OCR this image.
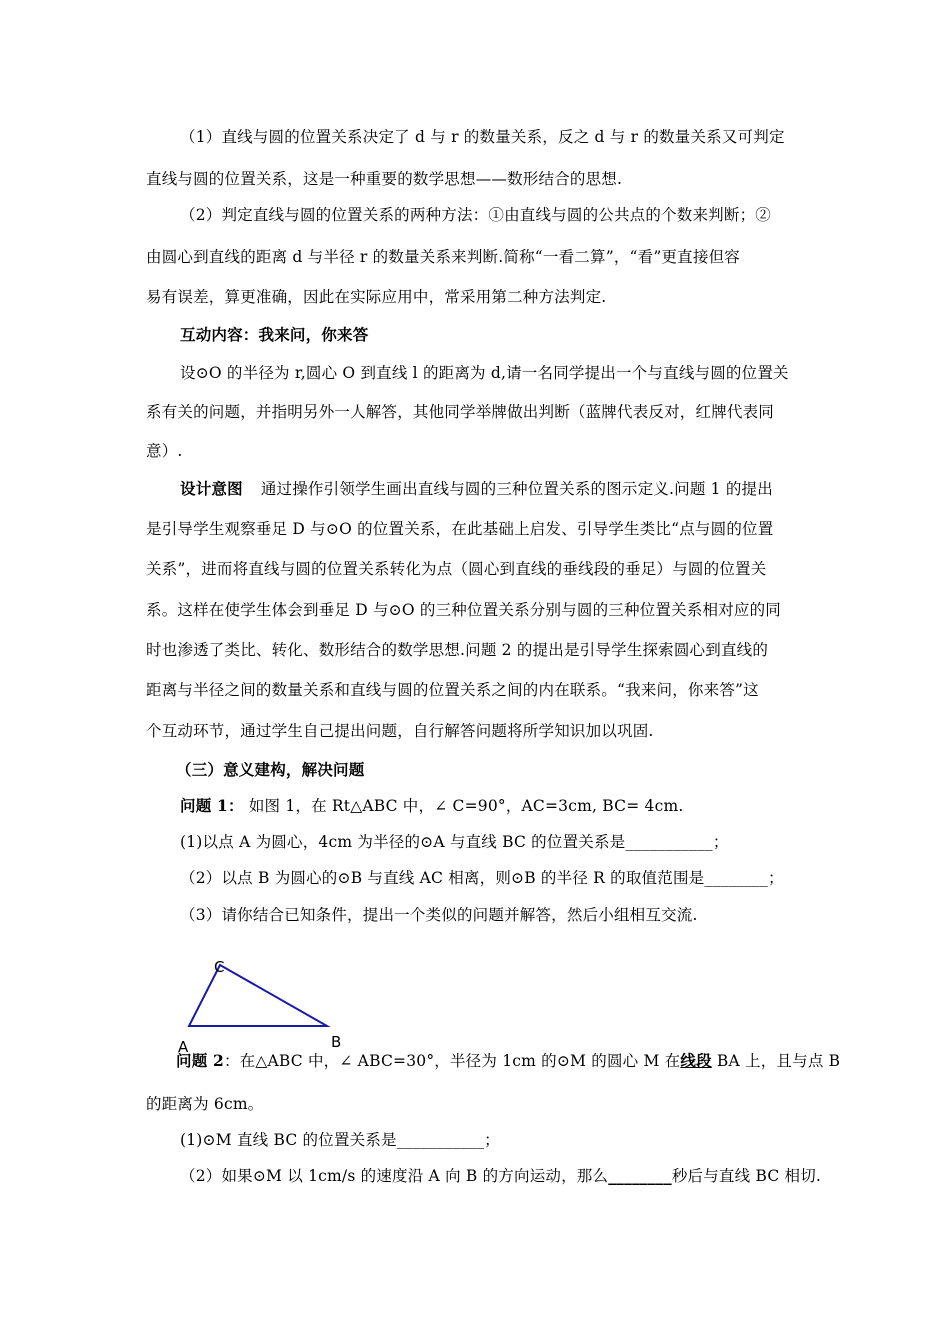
（1）直线与圆的位置关系决定了 d 与 r 的数量关系，反之 d 与 r 的数量关系又可判定
直线与圆的位置关系，这是一种重要的数学思想——数形结合的思想.
（2）判定直线与圆的位置关系的两种方法：①由直线与圆的公共点的个数来判断；②
由圆心到直线的距离 d 与半径 r 的数量关系来判断.简称“一看二算”，“看”更直接但容
易有误差，算更准确，因此在实际应用中，常采用第二种方法判定.
互动内容：我来问，你来答
设⊙O 的半径为 r,圆心 O 到直线 l 的距离为 d,请一名同学提出一个与直线与圆的位置关
系有关的问题，并指明另外一人解答，其他同学举牌做出判断（蓝牌代表反对，红牌代表同
意）.
设计意图 通过操作引领学生画出直线与圆的三种位置关系的图示定义.问题 1 的提出
是引导学生观察垂足 D 与⊙O 的位置关系，在此基础上启发、引导学生类比“点与圆的位置
关系”，进而将直线与圆的位置关系转化为点（圆心到直线的垂线段的垂足）与圆的位置关
系。这样在使学生体会到垂足 D 与⊙O 的三种位置关系分别与圆的三种位置关系相对应的同
时也渗透了类比、转化、数形结合的数学思想.问题 2 的提出是引导学生探索圆心到直线的
距离与半径之间的数量关系和直线与圆的位置关系之间的内在联系。“我来问，你来答”这
个互动环节，通过学生自己提出问题，自行解答问题将所学知识加以巩固.
（三）意义建构，解决问题
问题 1： 如图 1，在 Rt△ABC 中，∠ C=90°，AC=3cm, BC= 4cm.
(1)以点 A 为圆心，4cm 为半径的⊙A 与直线 BC 的位置关系是___________；
（2）以点 B 为圆心的⊙B 与直线 AC 相离，则⊙B 的半径 R 的取值范围是________；
（3）请你结合已知条件，提出一个类似的问题并解答，然后小组相互交流.
C
A	B
问题 2：在△ABC 中，∠ ABC=30°，半径为 1cm 的⊙M 的圆心 M 在线段 BA 上，且与点 B
的距离为 6cm。
(1)⊙M 直线 BC 的位置关系是___________；
（2）如果⊙M 以 1cm/s 的速度沿 A 向 B 的方向运动，那么________秒后与直线 BC 相切.
